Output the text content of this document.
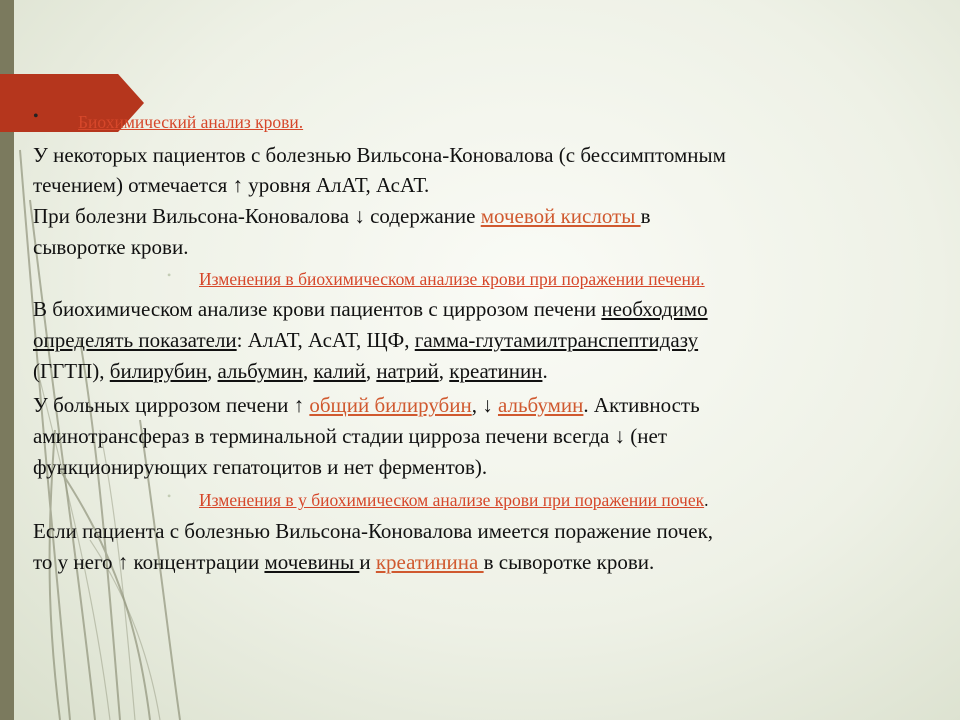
• Биохимический анализ крови.
У некоторых пациентов с болезнью Вильсона-Коновалова (с бессимптомным
течением) отмечается ↑ уровня АлАТ, АсАТ.
При болезни Вильсона-Коновалова ↓ содержание мочевой кислоты в
сыворотке крови.
• Изменения в биохимическом анализе крови при поражении печени.
В биохимическом анализе крови пациентов с циррозом печени необходимо
определять показатели: АлАТ, АсАТ, ЩФ, гамма-глутамилтранспептидазу
(ГГТП), билирубин, альбумин, калий, натрий, креатинин.
У больных циррозом печени ↑ общий билирубин, ↓ альбумин. Активность
аминотрансфераз в терминальной стадии цирроза печени всегда ↓ (нет
функционирующих гепатоцитов и нет ферментов).
• Изменения в у биохимическом анализе крови при поражении почек.
Если пациента с болезнью Вильсона-Коновалова имеется поражение почек,
то у него ↑ концентрации мочевины и креатинина в сыворотке крови.
